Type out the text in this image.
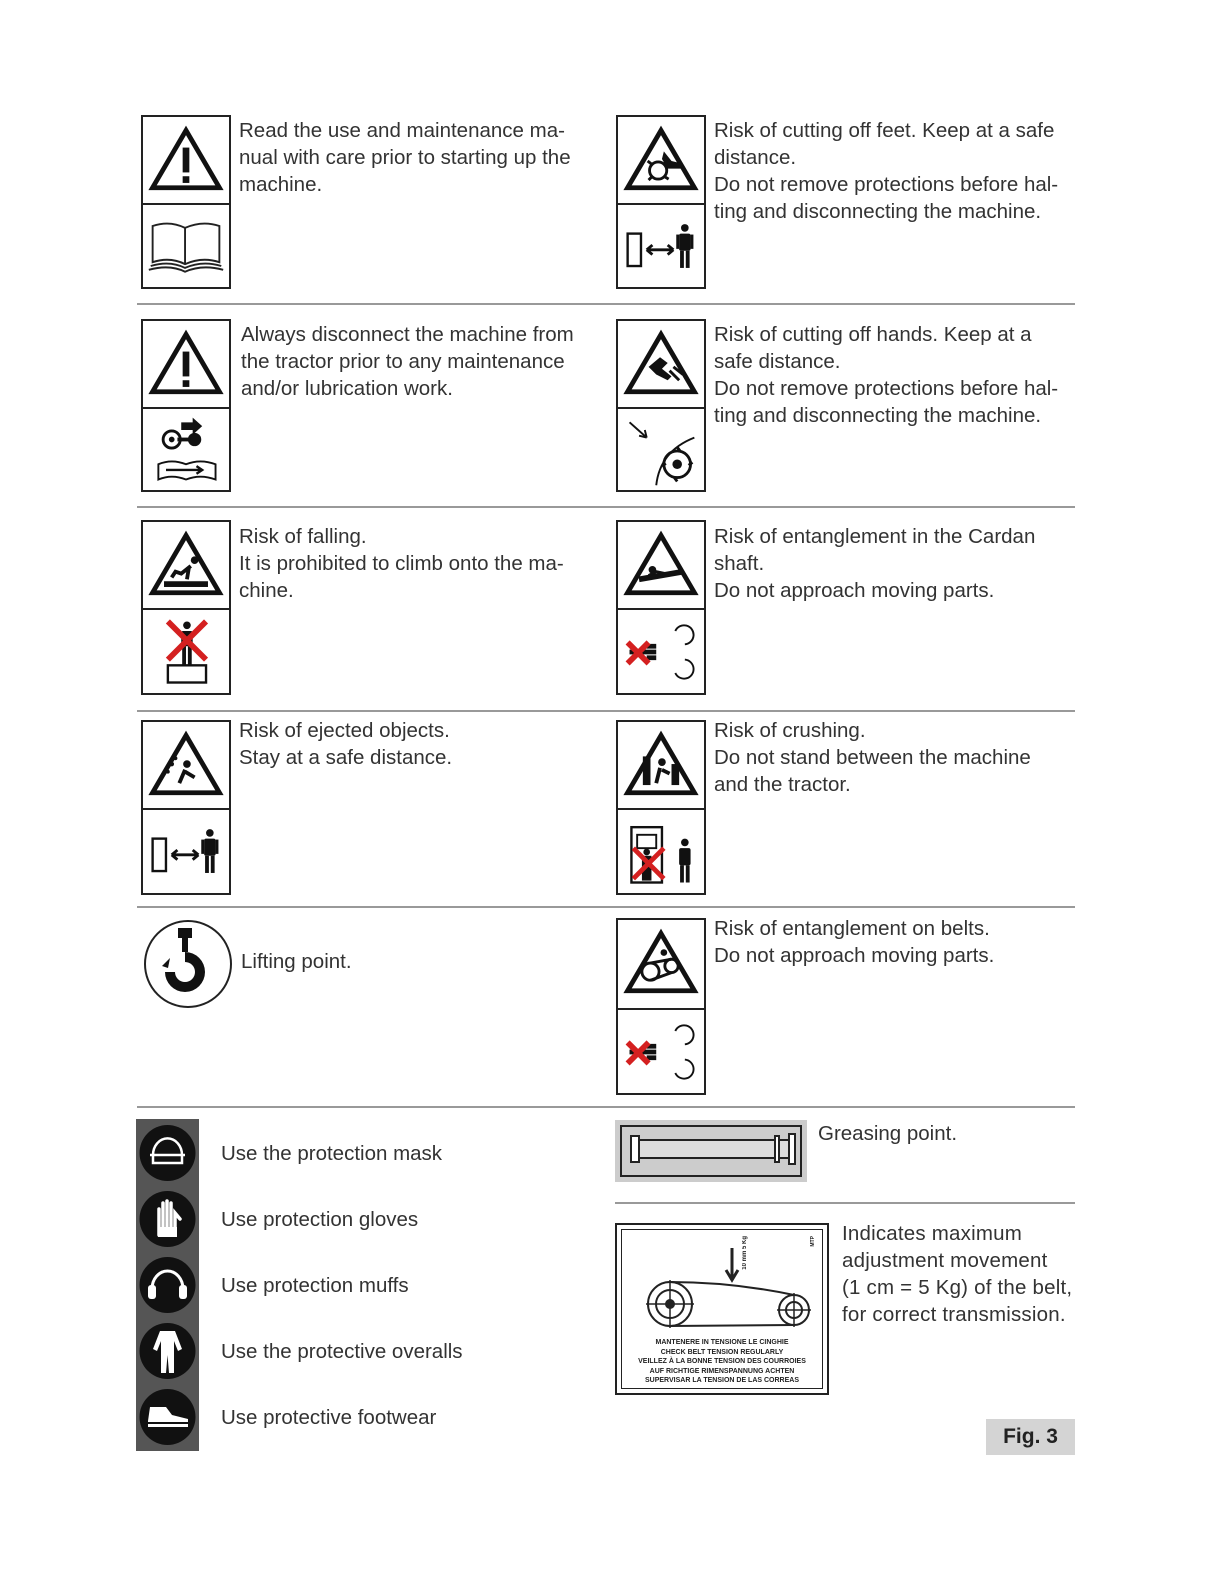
Read the use and maintenance ma-

nual with care prior to starting up the

machine.

Risk of cutting off feet. Keep at a safe

distance.

Do not remove protections before hal-

ting and disconnecting the machine.

Always disconnect the machine from

the tractor prior to any maintenance

and/or lubrication work.

Risk of cutting off hands. Keep at a

safe distance.

Do not remove protections before hal-

ting and disconnecting the machine.

Risk of falling.

It is prohibited to climb onto the ma-

chine.

Risk of entanglement in the Cardan

shaft.

Do not approach moving parts.

Risk of ejected objects.

Stay at a safe distance.

Risk of crushing.

Do not stand between the machine

and the tractor.

Lifting point.

Risk of entanglement on belts.

Do not approach moving parts.

Use the protection mask
Use protection gloves
Use protection muffs
Use the protective overalls
Use protective footwear
Greasing point.
10 mm 5 Kg	MTP
MANTENERE IN TENSIONE LE CINGHIE
CHECK BELT TENSION REGULARLY
VEILLEZ À LA BONNE TENSION DES COURROIES
AUF RICHTIGE RIMENSPANNUNG ACHTEN
SUPERVISAR LA TENSION DE LAS CORREAS

Indicates maximum

adjustment movement

(1 cm = 5 Kg) of the belt,

for correct transmission.

Fig. 3
